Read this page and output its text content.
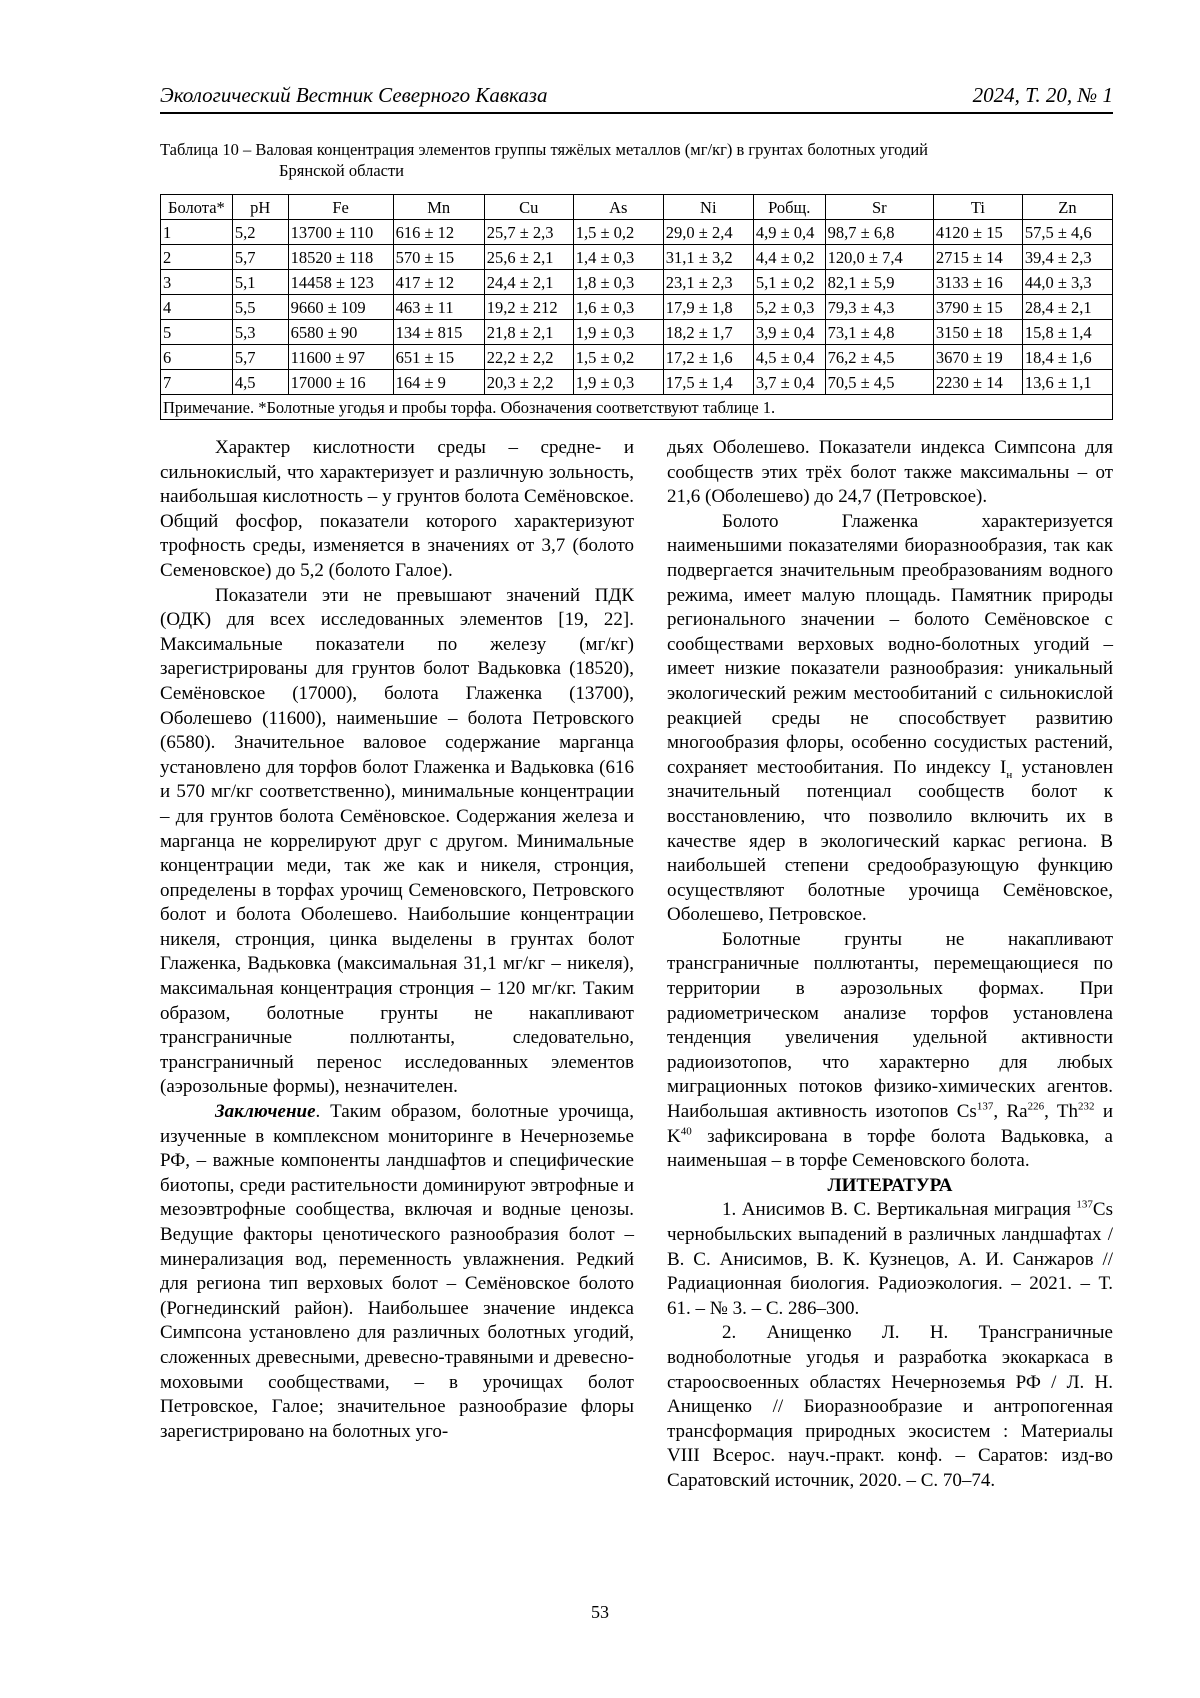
Экологический Вестник Северного Кавказа	2024, Т. 20, № 1
Таблица 10 – Валовая концентрация элементов группы тяжёлых металлов (мг/кг) в грунтах болотных угодий
Брянской области
Болота*	pH	Fe	Mn	Cu	As	Ni	Робщ.	Sr	Ti	Zn
1	5,2	13700 ± 110	616 ± 12	25,7 ± 2,3	1,5 ± 0,2	29,0 ± 2,4	4,9 ± 0,4	98,7 ± 6,8	4120 ± 15	57,5 ± 4,6
2	5,7	18520 ± 118	570 ± 15	25,6 ± 2,1	1,4 ± 0,3	31,1 ± 3,2	4,4 ± 0,2	120,0 ± 7,4	2715 ± 14	39,4 ± 2,3
3	5,1	14458 ± 123	417 ± 12	24,4 ± 2,1	1,8 ± 0,3	23,1 ± 2,3	5,1 ± 0,2	82,1 ± 5,9	3133 ± 16	44,0 ± 3,3
4	5,5	9660 ± 109	463 ± 11	19,2 ± 212	1,6 ± 0,3	17,9 ± 1,8	5,2 ± 0,3	79,3 ± 4,3	3790 ± 15	28,4 ± 2,1
5	5,3	6580 ± 90	134 ± 815	21,8 ± 2,1	1,9 ± 0,3	18,2 ± 1,7	3,9 ± 0,4	73,1 ± 4,8	3150 ± 18	15,8 ± 1,4
6	5,7	11600 ± 97	651 ± 15	22,2 ± 2,2	1,5 ± 0,2	17,2 ± 1,6	4,5 ± 0,4	76,2 ± 4,5	3670 ± 19	18,4 ± 1,6
7	4,5	17000 ± 16	164 ± 9	20,3 ± 2,2	1,9 ± 0,3	17,5 ± 1,4	3,7 ± 0,4	70,5 ± 4,5	2230 ± 14	13,6 ± 1,1
Примечание. *Болотные угодья и пробы торфа. Обозначения соответствуют таблице 1.										

Характер кислотности среды – средне- и сильнокислый, что характеризует и различную зольность, наибольшая кислотность – у грунтов болота Семёновское. Общий фосфор, показатели которого характеризуют трофность среды, изменяется в значениях от 3,7 (болото Семеновское) до 5,2 (болото Галое).

Показатели эти не превышают значений ПДК (ОДК) для всех исследованных элементов [19, 22]. Максимальные показатели по железу (мг/кг) зарегистрированы для грунтов болот Вадьковка (18520), Семёновское (17000), болота Глаженка (13700), Оболешево (11600), наименьшие – болота Петровского (6580). Значительное валовое содержание марганца установлено для торфов болот Глаженка и Вадьковка (616 и 570 мг/кг соответственно), минимальные концентрации – для грунтов болота Семёновское. Содержания железа и марганца не коррелируют друг с другом. Минимальные концентрации меди, так же как и никеля, стронция, определены в торфах урочищ Семеновского, Петровского болот и болота Оболешево. Наибольшие концентрации никеля, стронция, цинка выделены в грунтах болот Глаженка, Вадьковка (максимальная 31,1 мг/кг – никеля), максимальная концентрация стронция – 120 мг/кг. Таким образом, болотные грунты не накапливают трансграничные поллютанты, следовательно, трансграничный перенос исследованных элементов (аэрозольные формы), незначителен.

Заключение. Таким образом, болотные урочища, изученные в комплексном мониторинге в Нечерноземье РФ, – важные компоненты ландшафтов и специфические биотопы, среди растительности доминируют эвтрофные и мезоэвтрофные сообщества, включая и водные ценозы. Ведущие факторы ценотического разнообразия болот – минерализация вод, переменность увлажнения. Редкий для региона тип верховых болот – Семёновское болото (Рогнединский район). Наибольшее значение индекса Симпсона установлено для различных болотных угодий, сложенных древесными, древесно-травяными и древесно-моховыми сообществами, – в урочищах болот Петровское, Галое; значительное разнообразие флоры зарегистрировано на болотных уго-

дьях Оболешево. Показатели индекса Симпсона для сообществ этих трёх болот также максимальны – от 21,6 (Оболешево) до 24,7 (Петровское).

Болото Глаженка характеризуется наименьшими показателями биоразнообразия, так как подвергается значительным преобразованиям водного режима, имеет малую площадь. Памятник природы регионального значении – болото Семёновское с сообществами верховых водно-болотных угодий – имеет низкие показатели разнообразия: уникальный экологический режим местообитаний с сильнокислой реакцией среды не способствует развитию многообразия флоры, особенно сосудистых растений, сохраняет местообитания. По индексу $I_н$ установлен значительный потенциал сообществ болот к восстановлению, что позволило включить их в качестве ядер в экологический каркас региона. В наибольшей степени средообразующую функцию осуществляют болотные урочища Семёновское, Оболешево, Петровское.

Болотные грунты не накапливают трансграничные поллютанты, перемещающиеся по территории в аэрозольных формах. При радиометрическом анализе торфов установлена тенденция увеличения удельной активности радиоизотопов, что характерно для любых миграционных потоков физико-химических агентов. Наибольшая активность изотопов Cs$^{137}$, Ra$^{226}$, Th$^{232}$ и $K^{40}$ зафиксирована в торфе болота Вадьковка, а наименьшая – в торфе Семеновского болота.

ЛИТЕРАТУРА

1. Анисимов В. С. Вертикальная миграция $^{137}$Cs чернобыльских выпадений в различных ландшафтах / В. С. Анисимов, В. К. Кузнецов, А. И. Санжаров // Радиационная биология. Радиоэкология. – 2021. – Т. 61. – № 3. – С. 286–300.

2. Анищенко Л. Н. Трансграничные водноболотные угодья и разработка экокаркаса в староосвоенных областях Нечерноземья РФ / Л. Н. Анищенко // Биоразнообразие и антропогенная трансформация природных экосистем : Материалы VIII Всерос. науч.-практ. конф. – Саратов: изд-во Саратовский источник, 2020. – С. 70–74.

53
